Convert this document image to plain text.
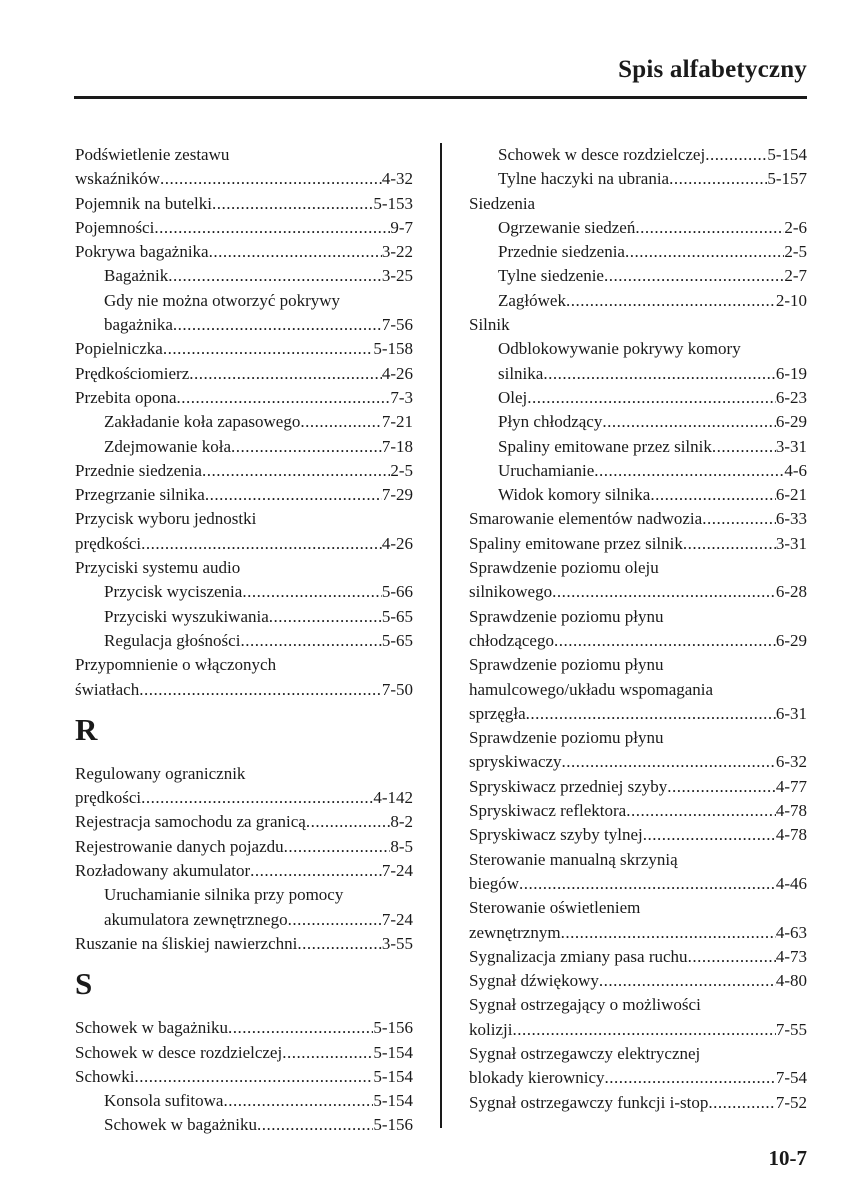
Spis alfabetyczny
Podświetlenie zestawu
wskaźników .....	4-32
Pojemnik na butelki .....	5-153
Pojemności .....	9-7
Pokrywa bagażnika .....	3-22
Bagażnik .....	3-25
Gdy nie można otworzyć pokrywy
bagażnika .....	7-56
Popielniczka .....	5-158
Prędkościomierz .....	4-26
Przebita opona .....	7-3
Zakładanie koła zapasowego .....	7-21
Zdejmowanie koła .....	7-18
Przednie siedzenia .....	2-5
Przegrzanie silnika .....	7-29
Przycisk wyboru jednostki
prędkości .....	4-26
Przyciski systemu audio
Przycisk wyciszenia .....	5-66
Przyciski wyszukiwania .....	5-65
Regulacja głośności .....	5-65
Przypomnienie o włączonych
światłach .....	7-50
R
Regulowany ogranicznik
prędkości .....	4-142
Rejestracja samochodu za granicą .....	8-2
Rejestrowanie danych pojazdu .....	8-5
Rozładowany akumulator .....	7-24
Uruchamianie silnika przy pomocy
akumulatora zewnętrznego .....	7-24
Ruszanie na śliskiej nawierzchni .....	3-55
S
Schowek w bagażniku .....	5-156
Schowek w desce rozdzielczej .....	5-154
Schowki .....	5-154
Konsola sufitowa .....	5-154
Schowek w bagażniku .....	5-156
Schowek w desce rozdzielczej .....	5-154
Tylne haczyki na ubrania .....	5-157
Siedzenia
Ogrzewanie siedzeń .....	2-6
Przednie siedzenia .....	2-5
Tylne siedzenie .....	2-7
Zagłówek .....	2-10
Silnik
Odblokowywanie pokrywy komory
silnika .....	6-19
Olej .....	6-23
Płyn chłodzący .....	6-29
Spaliny emitowane przez silnik .....	3-31
Uruchamianie .....	4-6
Widok komory silnika .....	6-21
Smarowanie elementów nadwozia .....	6-33
Spaliny emitowane przez silnik .....	3-31
Sprawdzenie poziomu oleju
silnikowego .....	6-28
Sprawdzenie poziomu płynu
chłodzącego .....	6-29
Sprawdzenie poziomu płynu
hamulcowego/układu wspomagania
sprzęgła .....	6-31
Sprawdzenie poziomu płynu
spryskiwaczy .....	6-32
Spryskiwacz przedniej szyby .....	4-77
Spryskiwacz reflektora .....	4-78
Spryskiwacz szyby tylnej .....	4-78
Sterowanie manualną skrzynią
biegów .....	4-46
Sterowanie oświetleniem
zewnętrznym .....	4-63
Sygnalizacja zmiany pasa ruchu .....	4-73
Sygnał dźwiękowy .....	4-80
Sygnał ostrzegający o możliwości
kolizji .....	7-55
Sygnał ostrzegawczy elektrycznej
blokady kierownicy .....	7-54
Sygnał ostrzegawczy funkcji i-stop .....	7-52
10-7
